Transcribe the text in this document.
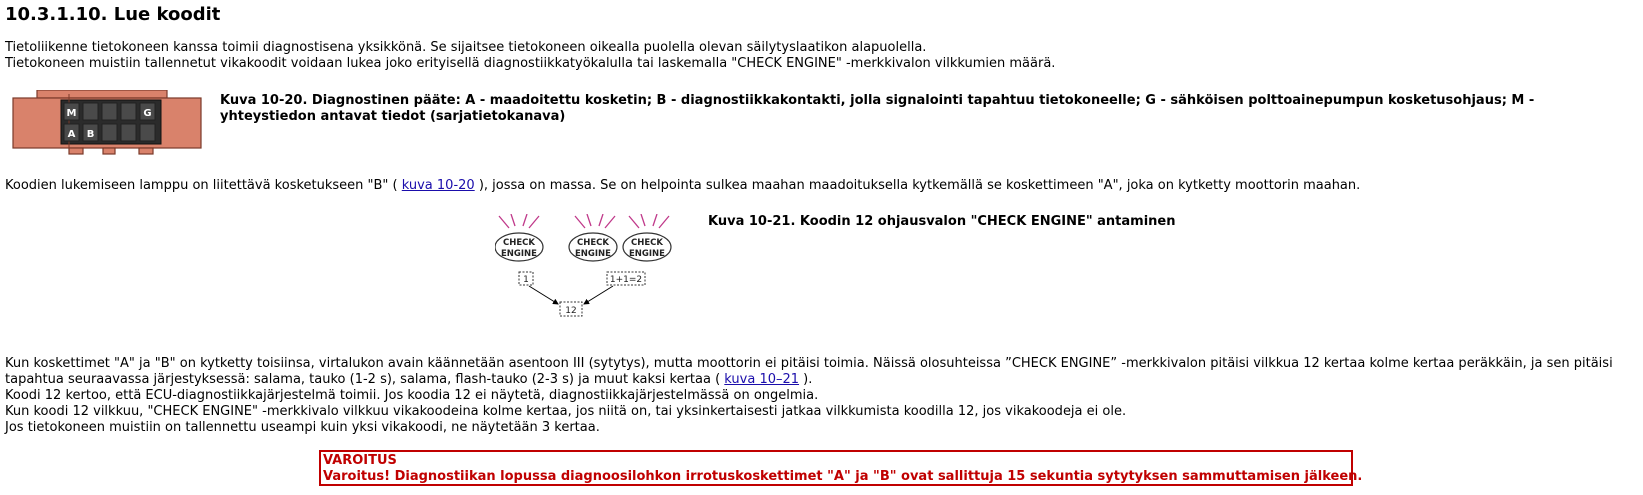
10.3.1.10. Lue koodit
Tietoliikenne tietokoneen kanssa toimii diagnostisena yksikkönä. Se sijaitsee tietokoneen oikealla puolella olevan säilytyslaatikon alapuolella.
Tietokoneen muistiin tallennetut vikakoodit voidaan lukea joko erityisellä diagnostiikkatyökalulla tai laskemalla "CHECK ENGINE" -merkkivalon vilkkumien määrä.
M	G
A B
Kuva 10-20. Diagnostinen pääte: A - maadoitettu kosketin; B - diagnostiikkakontakti, jolla signalointi tapahtuu tietokoneelle; G - sähköisen polttoainepumpun kosketusohjaus; M - yhteystiedon antavat tiedot (sarjatietokanava)
Koodien lukemiseen lamppu on liitettävä kosketukseen "B" ( kuva 10-20 ), jossa on massa. Se on helpointa sulkea maahan maadoituksella kytkemällä se koskettimeen "A", joka on kytketty moottorin maahan.
CHECK
ENGINE
CHECK
ENGINE
CHECK
ENGINE
1	1+1=2
12
Kuva 10-21. Koodin 12 ohjausvalon "CHECK ENGINE" antaminen
Kun koskettimet "A" ja "B" on kytketty toisiinsa, virtalukon avain käännetään asentoon III (sytytys), mutta moottorin ei pitäisi toimia. Näissä olosuhteissa ”CHECK ENGINE” -merkkivalon pitäisi vilkkua 12 kertaa kolme kertaa peräkkäin, ja sen pitäisi
tapahtua seuraavassa järjestyksessä: salama, tauko (1-2 s), salama, flash-tauko (2-3 s) ja muut kaksi kertaa ( kuva 10–21 ).
Koodi 12 kertoo, että ECU-diagnostiikkajärjestelmä toimii. Jos koodia 12 ei näytetä, diagnostiikkajärjestelmässä on ongelmia.
Kun koodi 12 vilkkuu, "CHECK ENGINE" -merkkivalo vilkkuu vikakoodeina kolme kertaa, jos niitä on, tai yksinkertaisesti jatkaa vilkkumista koodilla 12, jos vikakoodeja ei ole.
Jos tietokoneen muistiin on tallennettu useampi kuin yksi vikakoodi, ne näytetään 3 kertaa.
VAROITUS
Varoitus! Diagnostiikan lopussa diagnoosilohkon irrotuskoskettimet "A" ja "B" ovat sallittuja 15 sekuntia sytytyksen sammuttamisen jälkeen.
